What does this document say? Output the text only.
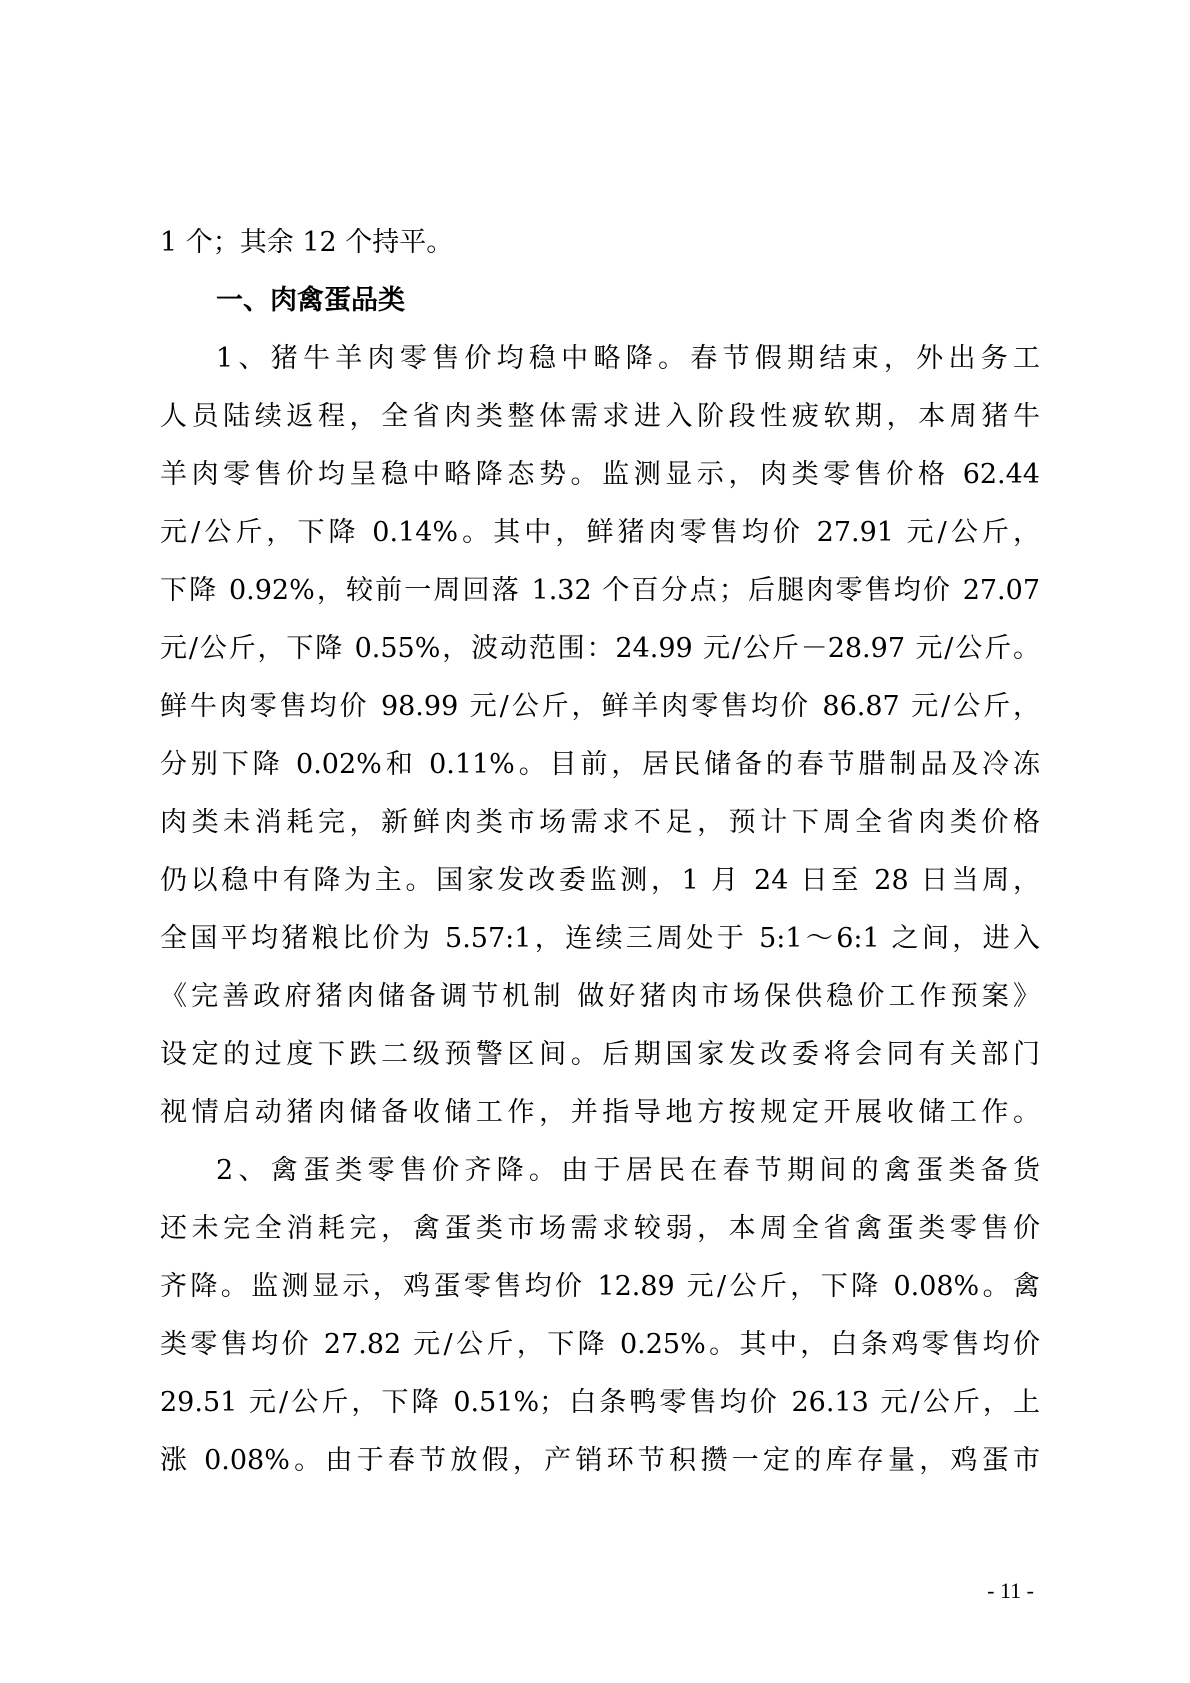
1 个；其余 12 个持平。
一、肉禽蛋品类
1、猪牛羊肉零售价均稳中略降。春节假期结束，外出务工
人员陆续返程，全省肉类整体需求进入阶段性疲软期，本周猪牛
羊肉零售价均呈稳中略降态势。监测显示，肉类零售价格 62.44
元/公斤，下降 0.14%。其中，鲜猪肉零售均价 27.91 元/公斤，
下降 0.92%，较前一周回落 1.32 个百分点；后腿肉零售均价 27.07
元/公斤，下降 0.55%，波动范围：24.99 元/公斤－28.97 元/公斤。
鲜牛肉零售均价 98.99 元/公斤，鲜羊肉零售均价 86.87 元/公斤，
分别下降 0.02%和 0.11%。目前，居民储备的春节腊制品及冷冻
肉类未消耗完，新鲜肉类市场需求不足，预计下周全省肉类价格
仍以稳中有降为主。国家发改委监测，1 月 24 日至 28 日当周，
全国平均猪粮比价为 5.57:1，连续三周处于 5:1～6:1 之间，进入
《完善政府猪肉储备调节机制 做好猪肉市场保供稳价工作预案》
设定的过度下跌二级预警区间。后期国家发改委将会同有关部门
视情启动猪肉储备收储工作，并指导地方按规定开展收储工作。
2、禽蛋类零售价齐降。由于居民在春节期间的禽蛋类备货
还未完全消耗完，禽蛋类市场需求较弱，本周全省禽蛋类零售价
齐降。监测显示，鸡蛋零售均价 12.89 元/公斤，下降 0.08%。禽
类零售均价 27.82 元/公斤，下降 0.25%。其中，白条鸡零售均价
29.51 元/公斤，下降 0.51%；白条鸭零售均价 26.13 元/公斤，上
涨 0.08%。由于春节放假，产销环节积攒一定的库存量，鸡蛋市
- 11 -
